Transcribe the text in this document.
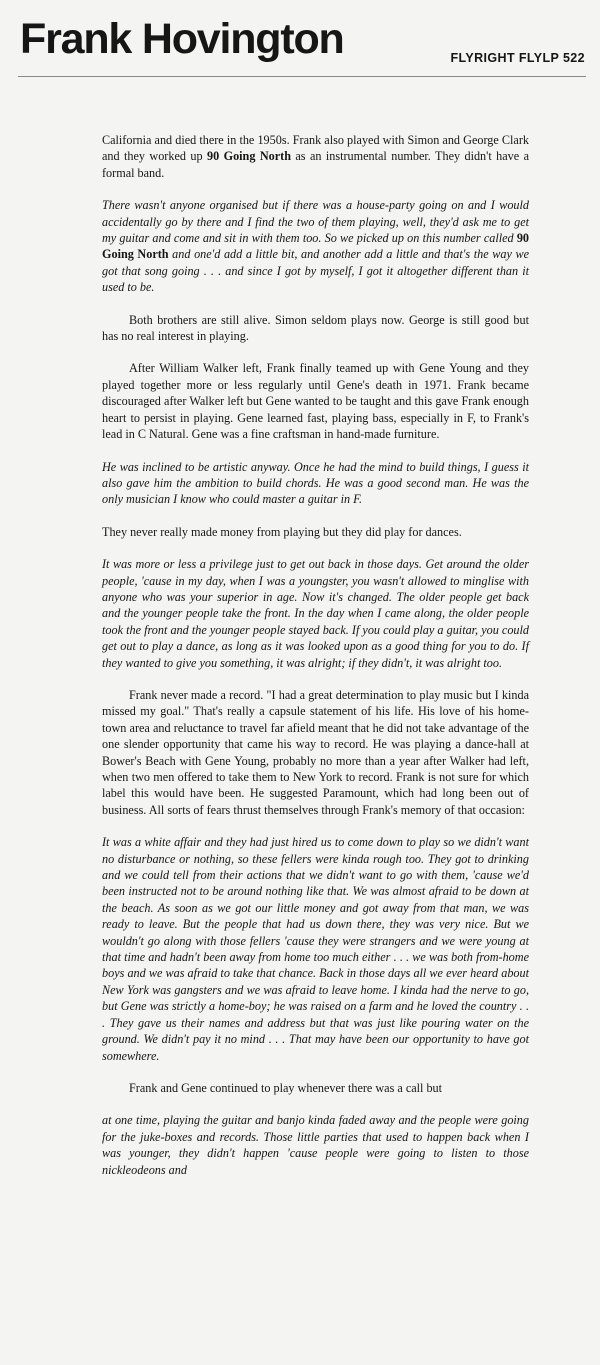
Frank Hovington	FLYRIGHT FLYLP 522

California and died there in the 1950s. Frank also played with Simon and George Clark and they worked up 90 Going North as an instrumental number. They didn't have a formal band.

There wasn't anyone organised but if there was a house-party going on and I would accidentally go by there and I find the two of them playing, well, they'd ask me to get my guitar and come and sit in with them too. So we picked up on this number called 90 Going North and one'd add a little bit, and another add a little and that's the way we got that song going . . . and since I got by myself, I got it altogether different than it used to be.

Both brothers are still alive. Simon seldom plays now. George is still good but has no real interest in playing.

After William Walker left, Frank finally teamed up with Gene Young and they played together more or less regularly until Gene's death in 1971. Frank became discouraged after Walker left but Gene wanted to be taught and this gave Frank enough heart to persist in playing. Gene learned fast, playing bass, especially in F, to Frank's lead in C Natural. Gene was a fine craftsman in hand-made furniture.

He was inclined to be artistic anyway. Once he had the mind to build things, I guess it also gave him the ambition to build chords. He was a good second man. He was the only musician I know who could master a guitar in F.

They never really made money from playing but they did play for dances.

It was more or less a privilege just to get out back in those days. Get around the older people, 'cause in my day, when I was a youngster, you wasn't allowed to minglise with anyone who was your superior in age. Now it's changed. The older people get back and the younger people take the front. In the day when I came along, the older people took the front and the younger people stayed back. If you could play a guitar, you could get out to play a dance, as long as it was looked upon as a good thing for you to do. If they wanted to give you something, it was alright; if they didn't, it was alright too.

Frank never made a record. "I had a great determination to play music but I kinda missed my goal." That's really a capsule statement of his life. His love of his home-town area and reluctance to travel far afield meant that he did not take advantage of the one slender opportunity that came his way to record. He was playing a dance-hall at Bower's Beach with Gene Young, probably no more than a year after Walker had left, when two men offered to take them to New York to record. Frank is not sure for which label this would have been. He suggested Paramount, which had long been out of business. All sorts of fears thrust themselves through Frank's memory of that occasion:

It was a white affair and they had just hired us to come down to play so we didn't want no disturbance or nothing, so these fellers were kinda rough too. They got to drinking and we could tell from their actions that we didn't want to go with them, 'cause we'd been instructed not to be around nothing like that. We was almost afraid to be down at the beach. As soon as we got our little money and got away from that man, we was ready to leave. But the people that had us down there, they was very nice. But we wouldn't go along with those fellers 'cause they were strangers and we were young at that time and hadn't been away from home too much either . . . we was both from-home boys and we was afraid to take that chance. Back in those days all we ever heard about New York was gangsters and we was afraid to leave home. I kinda had the nerve to go, but Gene was strictly a home-boy; he was raised on a farm and he loved the country . . . They gave us their names and address but that was just like pouring water on the ground. We didn't pay it no mind . . . That may have been our opportunity to have got somewhere.

Frank and Gene continued to play whenever there was a call but

at one time, playing the guitar and banjo kinda faded away and the people were going for the juke-boxes and records. Those little parties that used to happen back when I was younger, they didn't happen 'cause people were going to listen to those nickleodeons and
